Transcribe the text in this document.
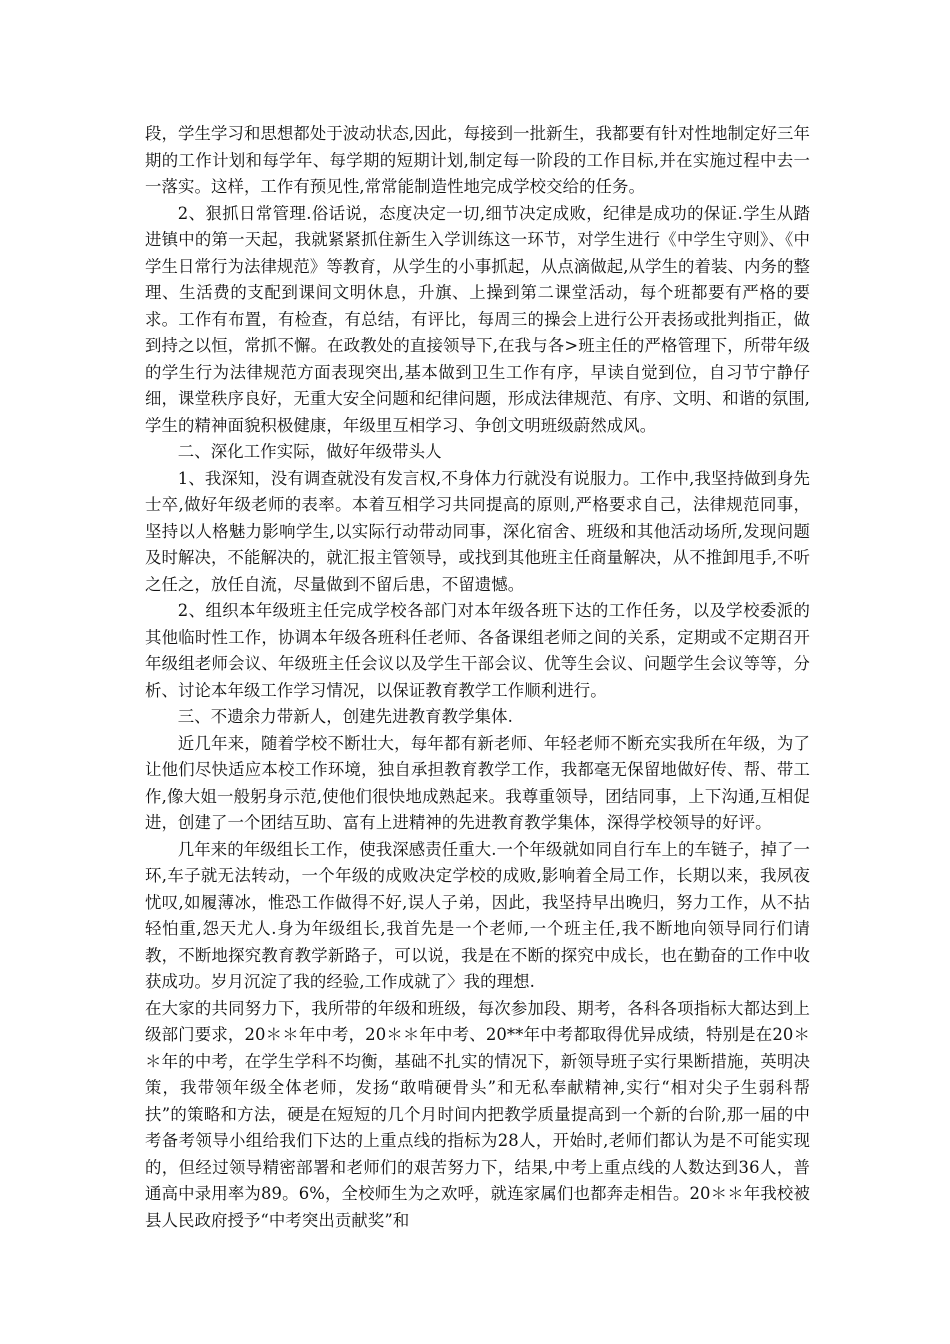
段，学生学习和思想都处于波动状态,因此，每接到一批新生，我都要有针对性地制定好三年期的工作计划和每学年、每学期的短期计划,制定每一阶段的工作目标,并在实施过程中去一一落实。这样，工作有预见性,常常能制造性地完成学校交给的任务。

2、狠抓日常管理.俗话说，态度决定一切,细节决定成败，纪律是成功的保证.学生从踏进镇中的第一天起，我就紧紧抓住新生入学训练这一环节，对学生进行《中学生守则》、《中学生日常行为法律规范》等教育，从学生的小事抓起，从点滴做起,从学生的着装、内务的整理、生活费的支配到课间文明休息，升旗、上操到第二课堂活动，每个班都要有严格的要求。工作有布置，有检查，有总结，有评比，每周三的操会上进行公开表扬或批判指正，做到持之以恒，常抓不懈。在政教处的直接领导下,在我与各>班主任的严格管理下，所带年级的学生行为法律规范方面表现突出,基本做到卫生工作有序，早读自觉到位，自习节宁静仔细，课堂秩序良好，无重大安全问题和纪律问题，形成法律规范、有序、文明、和谐的氛围,学生的精神面貌积极健康，年级里互相学习、争创文明班级蔚然成风。

二、深化工作实际，做好年级带头人

1、我深知，没有调查就没有发言权,不身体力行就没有说服力。工作中,我坚持做到身先士卒,做好年级老师的表率。本着互相学习共同提高的原则,严格要求自己，法律规范同事，坚持以人格魅力影响学生,以实际行动带动同事，深化宿舍、班级和其他活动场所,发现问题及时解决，不能解决的，就汇报主管领导，或找到其他班主任商量解决，从不推卸甩手,不听之任之，放任自流，尽量做到不留后患，不留遗憾。

2、组织本年级班主任完成学校各部门对本年级各班下达的工作任务，以及学校委派的其他临时性工作，协调本年级各班科任老师、各备课组老师之间的关系，定期或不定期召开年级组老师会议、年级班主任会议以及学生干部会议、优等生会议、问题学生会议等等，分析、讨论本年级工作学习情况，以保证教育教学工作顺利进行。

三、不遗余力带新人，创建先进教育教学集体.

近几年来，随着学校不断壮大，每年都有新老师、年轻老师不断充实我所在年级，为了让他们尽快适应本校工作环境，独自承担教育教学工作，我都毫无保留地做好传、帮、带工作,像大姐一般躬身示范,使他们很快地成熟起来。我尊重领导，团结同事，上下沟通,互相促进，创建了一个团结互助、富有上进精神的先进教育教学集体，深得学校领导的好评。

几年来的年级组长工作，使我深感责任重大.一个年级就如同自行车上的车链子，掉了一环,车子就无法转动，一个年级的成败决定学校的成败,影响着全局工作，长期以来，我夙夜忧叹,如履薄冰，惟恐工作做得不好,误人子弟，因此，我坚持早出晚归，努力工作，从不拈轻怕重,怨天尤人.身为年级组长,我首先是一个老师,一个班主任,我不断地向领导同行们请教，不断地探究教育教学新路子，可以说，我是在不断的探究中成长，也在勤奋的工作中收获成功。岁月沉淀了我的经验,工作成就了〉我的理想.

在大家的共同努力下，我所带的年级和班级，每次参加段、期考，各科各项指标大都达到上级部门要求，20＊＊年中考，20＊＊年中考、20**年中考都取得优异成绩，特别是在20＊＊年的中考，在学生学科不均衡，基础不扎实的情况下，新领导班子实行果断措施，英明决策，我带领年级全体老师，发扬“敢啃硬骨头”和无私奉献精神,实行“相对尖子生弱科帮扶”的策略和方法，硬是在短短的几个月时间内把教学质量提高到一个新的台阶,那一届的中考备考领导小组给我们下达的上重点线的指标为28人，开始时,老师们都认为是不可能实现的，但经过领导精密部署和老师们的艰苦努力下，结果,中考上重点线的人数达到36人，普通高中录用率为89。6%，全校师生为之欢呼，就连家属们也都奔走相告。20＊＊年我校被县人民政府授予“中考突出贡献奖”和
